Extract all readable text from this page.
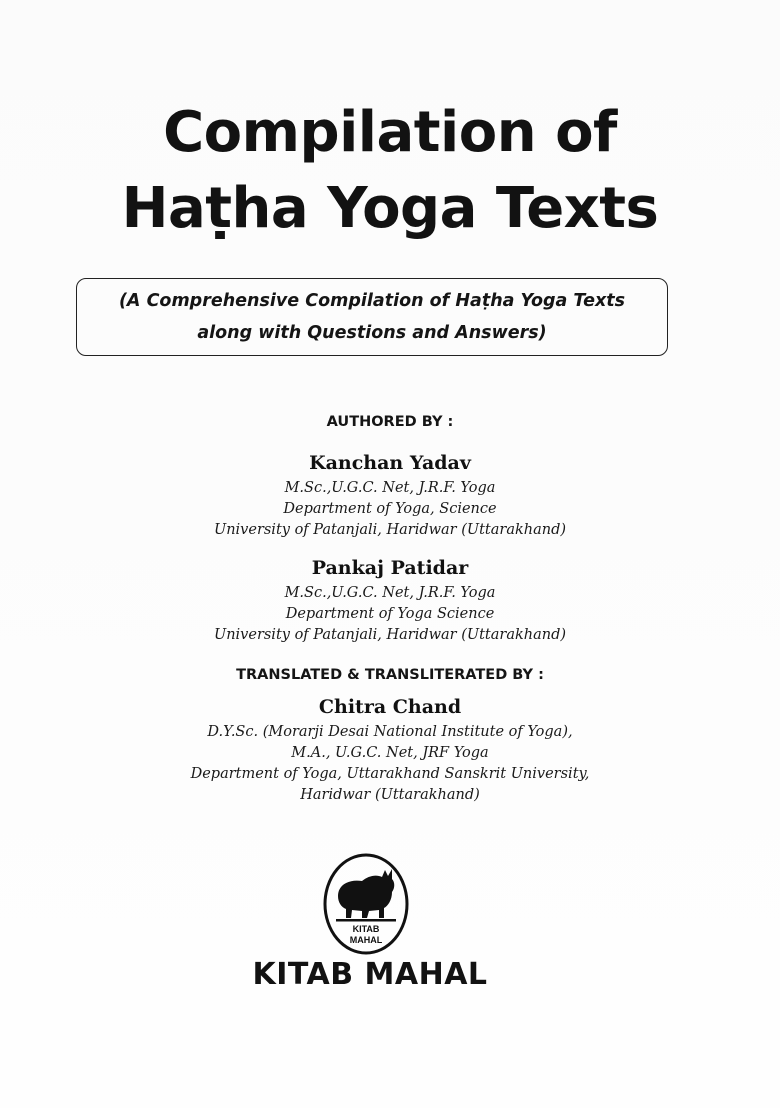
Compilation of
Haṭha Yoga Texts
(A Comprehensive Compilation of Haṭha Yoga Texts
along with Questions and Answers)
AUTHORED BY :
Kanchan Yadav
M.Sc.,U.G.C. Net, J.R.F. Yoga
Department of Yoga, Science
University of Patanjali, Haridwar (Uttarakhand)
Pankaj Patidar
M.Sc.,U.G.C. Net, J.R.F. Yoga
Department of Yoga Science
University of Patanjali, Haridwar (Uttarakhand)
TRANSLATED & TRANSLITERATED BY :
Chitra Chand
D.Y.Sc. (Morarji Desai National Institute of Yoga),
M.A., U.G.C. Net, JRF Yoga
Department of Yoga, Uttarakhand Sanskrit University,
Haridwar (Uttarakhand)
KITAB
MAHAL
KITAB MAHAL
